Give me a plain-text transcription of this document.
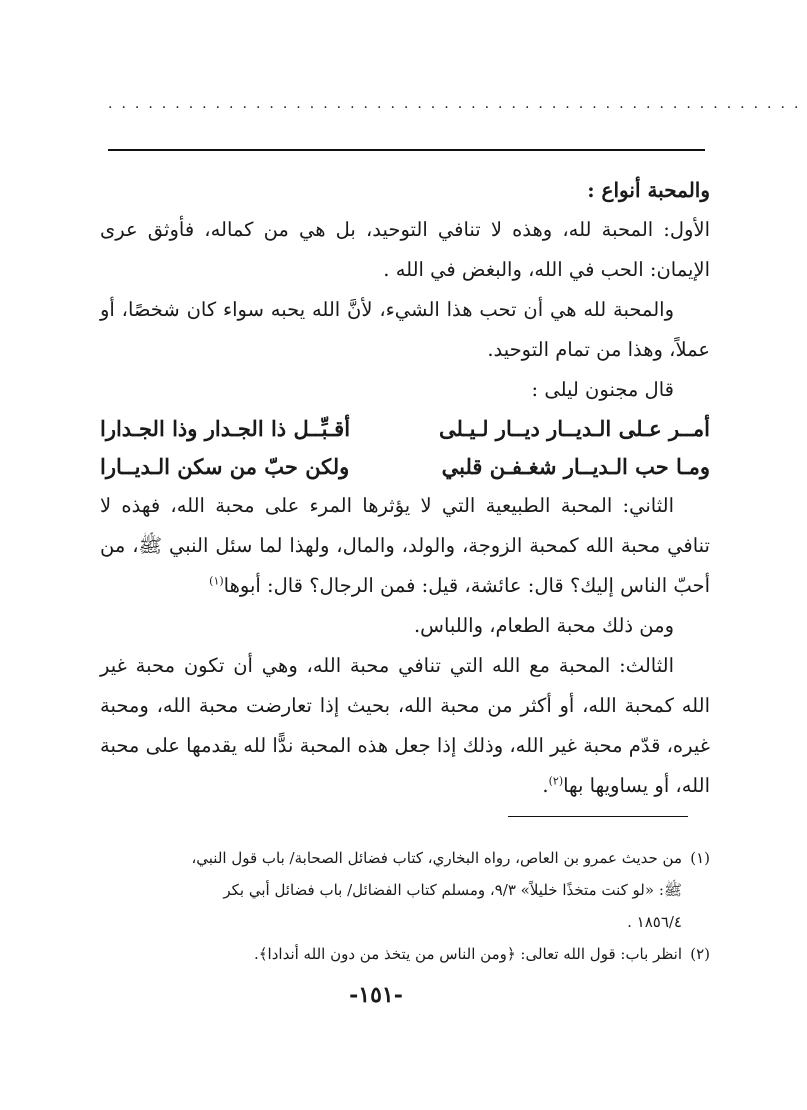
....................................................

والمحبة أنواع :

الأول: المحبة لله، وهذه لا تنافي التوحيد، بل هي من كماله، فأوثق عرى الإيمان: الحب في الله، والبغض في الله .

والمحبة لله هي أن تحب هذا الشيء، لأنَّ الله يحبه سواء كان شخصًا، أو عملاً، وهذا من تمام التوحيد.

قال مجنون ليلى :

أمــر عـلى الـديــار ديــار لـيـلى
أقـبِّــل ذا الجـدار وذا الجـدارا
ومـا حب الـديــار شغـفـن قلبي
ولكن حبّ من سكن الـديــارا

الثاني: المحبة الطبيعية التي لا يؤثرها المرء على محبة الله، فهذه لا تنافي محبة الله كمحبة الزوجة، والولد، والمال، ولهذا لما سئل النبي ﷺ، من أحبّ الناس إليك؟ قال: عائشة، قيل: فمن الرجال؟ قال: أبوها$^{(١)}$

ومن ذلك محبة الطعام، واللباس.

الثالث: المحبة مع الله التي تنافي محبة الله، وهي أن تكون محبة غير الله كمحبة الله، أو أكثر من محبة الله، بحيث إذا تعارضت محبة الله، ومحبة غيره، قدّم محبة غير الله، وذلك إذا جعل هذه المحبة ندًّا لله يقدمها على محبة الله، أو يساويها بها$^{(٢)}$.

(١)من حديث عمرو بن العاص، رواه البخاري، كتاب فضائل الصحابة/ باب قول النبي،

ﷺ: «لو كنت متخذًا خليلاً» ٩/٣، ومسلم كتاب الفضائل/ باب فضائل أبي بكر

١٨٥٦/٤ .

(٢)انظر باب: قول الله تعالى: ﴿ومن الناس من يتخذ من دون الله أندادا﴾.

-١٥١-
